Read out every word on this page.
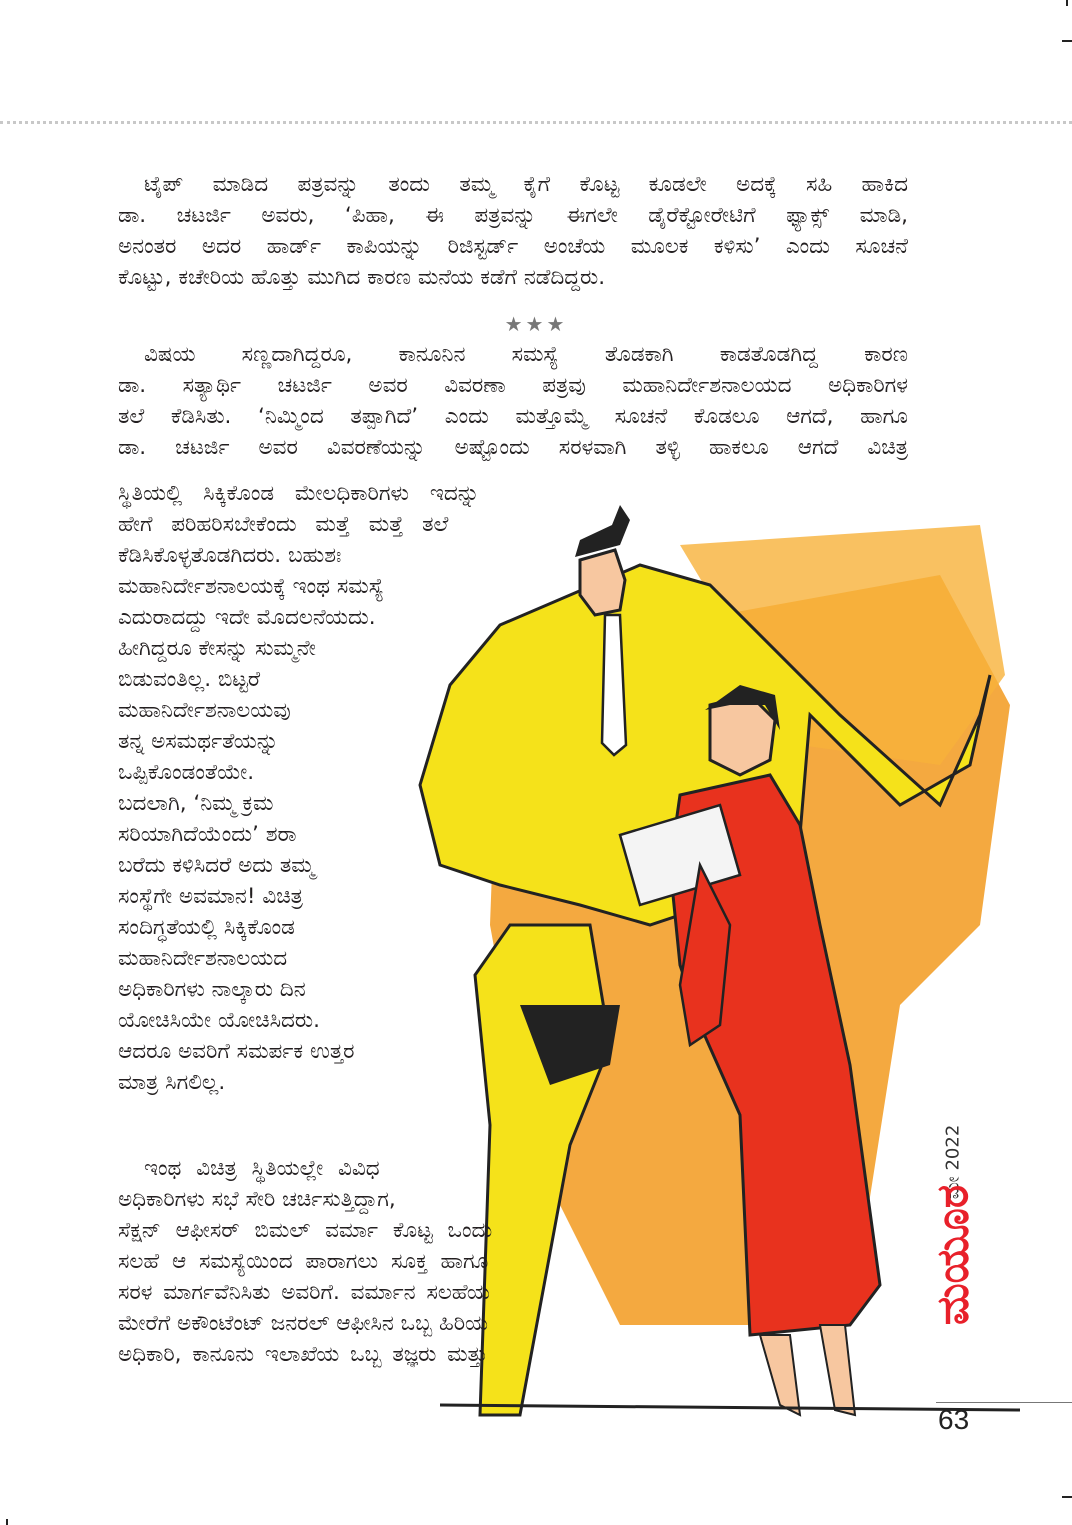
ಟೈಪ್ ಮಾಡಿದ ಪತ್ರವನ್ನು ತಂದು ತಮ್ಮ ಕೈಗೆ ಕೊಟ್ಟ ಕೂಡಲೇ ಅದಕ್ಕೆ ಸಹಿ ಹಾಕಿದ
ಡಾ. ಚಟರ್ಜಿ ಅವರು, ‘ಪಿಹಾ, ಈ ಪತ್ರವನ್ನು ಈಗಲೇ ಡೈರೆಕ್ಟೋರೇಟಿಗೆ ಫ್ಯಾಕ್ಸ್ ಮಾಡಿ,
ಅನಂತರ ಅದರ ಹಾರ್ಡ್ ಕಾಪಿಯನ್ನು ರಿಜಿಸ್ಟರ್ಡ್ ಅಂಚೆಯ ಮೂಲಕ ಕಳಿಸು’ ಎಂದು ಸೂಚನೆ
ಕೊಟ್ಟು, ಕಚೇರಿಯ ಹೊತ್ತು ಮುಗಿದ ಕಾರಣ ಮನೆಯ ಕಡೆಗೆ ನಡೆದಿದ್ದರು.
★★★
ವಿಷಯ ಸಣ್ಣದಾಗಿದ್ದರೂ, ಕಾನೂನಿನ ಸಮಸ್ಯೆ ತೊಡಕಾಗಿ ಕಾಡತೊಡಗಿದ್ದ ಕಾರಣ
ಡಾ. ಸತ್ಯಾರ್ಥಿ ಚಟರ್ಜಿ ಅವರ ವಿವರಣಾ ಪತ್ರವು ಮಹಾನಿರ್ದೇಶನಾಲಯದ ಅಧಿಕಾರಿಗಳ
ತಲೆ ಕೆಡಿಸಿತು. ‘ನಿಮ್ಮಿಂದ ತಪ್ಪಾಗಿದೆ’ ಎಂದು ಮತ್ತೊಮ್ಮೆ ಸೂಚನೆ ಕೊಡಲೂ ಆಗದೆ, ಹಾಗೂ
ಡಾ. ಚಟರ್ಜಿ ಅವರ ವಿವರಣೆಯನ್ನು ಅಷ್ಟೊಂದು ಸರಳವಾಗಿ ತಳ್ಳಿ ಹಾಕಲೂ ಆಗದೆ ವಿಚಿತ್ರ
ಸ್ಥಿತಿಯಲ್ಲಿ ಸಿಕ್ಕಿಕೊಂಡ ಮೇಲಧಿಕಾರಿಗಳು ಇದನ್ನು
ಹೇಗೆ ಪರಿಹರಿಸಬೇಕೆಂದು ಮತ್ತೆ ಮತ್ತೆ ತಲೆ
ಕೆಡಿಸಿಕೊಳ್ಳತೊಡಗಿದರು. ಬಹುಶಃ
ಮಹಾನಿರ್ದೇಶನಾಲಯಕ್ಕೆ ಇಂಥ ಸಮಸ್ಯೆ
ಎದುರಾದದ್ದು ಇದೇ ಮೊದಲನೆಯದು.
ಹೀಗಿದ್ದರೂ ಕೇಸನ್ನು ಸುಮ್ಮನೇ
ಬಿಡುವಂತಿಲ್ಲ. ಬಿಟ್ಟರೆ
ಮಹಾನಿರ್ದೇಶನಾಲಯವು
ತನ್ನ ಅಸಮರ್ಥತೆಯನ್ನು
ಒಪ್ಪಿಕೊಂಡಂತೆಯೇ.
ಬದಲಾಗಿ, ‘ನಿಮ್ಮ ಕ್ರಮ
ಸರಿಯಾಗಿದೆಯೆಂದು’ ಶರಾ
ಬರೆದು ಕಳಿಸಿದರೆ ಅದು ತಮ್ಮ
ಸಂಸ್ಥೆಗೇ ಅವಮಾನ! ವಿಚಿತ್ರ
ಸಂದಿಗ್ಧತೆಯಲ್ಲಿ ಸಿಕ್ಕಿಕೊಂಡ
ಮಹಾನಿರ್ದೇಶನಾಲಯದ
ಅಧಿಕಾರಿಗಳು ನಾಲ್ಕಾರು ದಿನ
ಯೋಚಿಸಿಯೇ ಯೋಚಿಸಿದರು.
ಆದರೂ ಅವರಿಗೆ ಸಮರ್ಪಕ ಉತ್ತರ
ಮಾತ್ರ ಸಿಗಲಿಲ್ಲ.
ಇಂಥ ವಿಚಿತ್ರ ಸ್ಥಿತಿಯಲ್ಲೇ ವಿವಿಧ
ಅಧಿಕಾರಿಗಳು ಸಭೆ ಸೇರಿ ಚರ್ಚಿಸುತ್ತಿದ್ದಾಗ,
ಸೆಕ್ಷನ್ ಆಫೀಸರ್ ಬಿಮಲ್ ವರ್ಮಾ ಕೊಟ್ಟ ಒಂದು
ಸಲಹೆ ಆ ಸಮಸ್ಯೆಯಿಂದ ಪಾರಾಗಲು ಸೂಕ್ತ ಹಾಗೂ
ಸರಳ ಮಾರ್ಗವೆನಿಸಿತು ಅವರಿಗೆ. ವರ್ಮಾನ ಸಲಹೆಯ
ಮೇರೆಗೆ ಅಕೌಂಟೆಂಟ್ ಜನರಲ್ ಆಫೀಸಿನ ಒಬ್ಬ ಹಿರಿಯ
ಅಧಿಕಾರಿ, ಕಾನೂನು ಇಲಾಖೆಯ ಒಬ್ಬ ತಜ್ಞರು ಮತ್ತು
ಮೇ 2022
ಮಯೂರ
63
